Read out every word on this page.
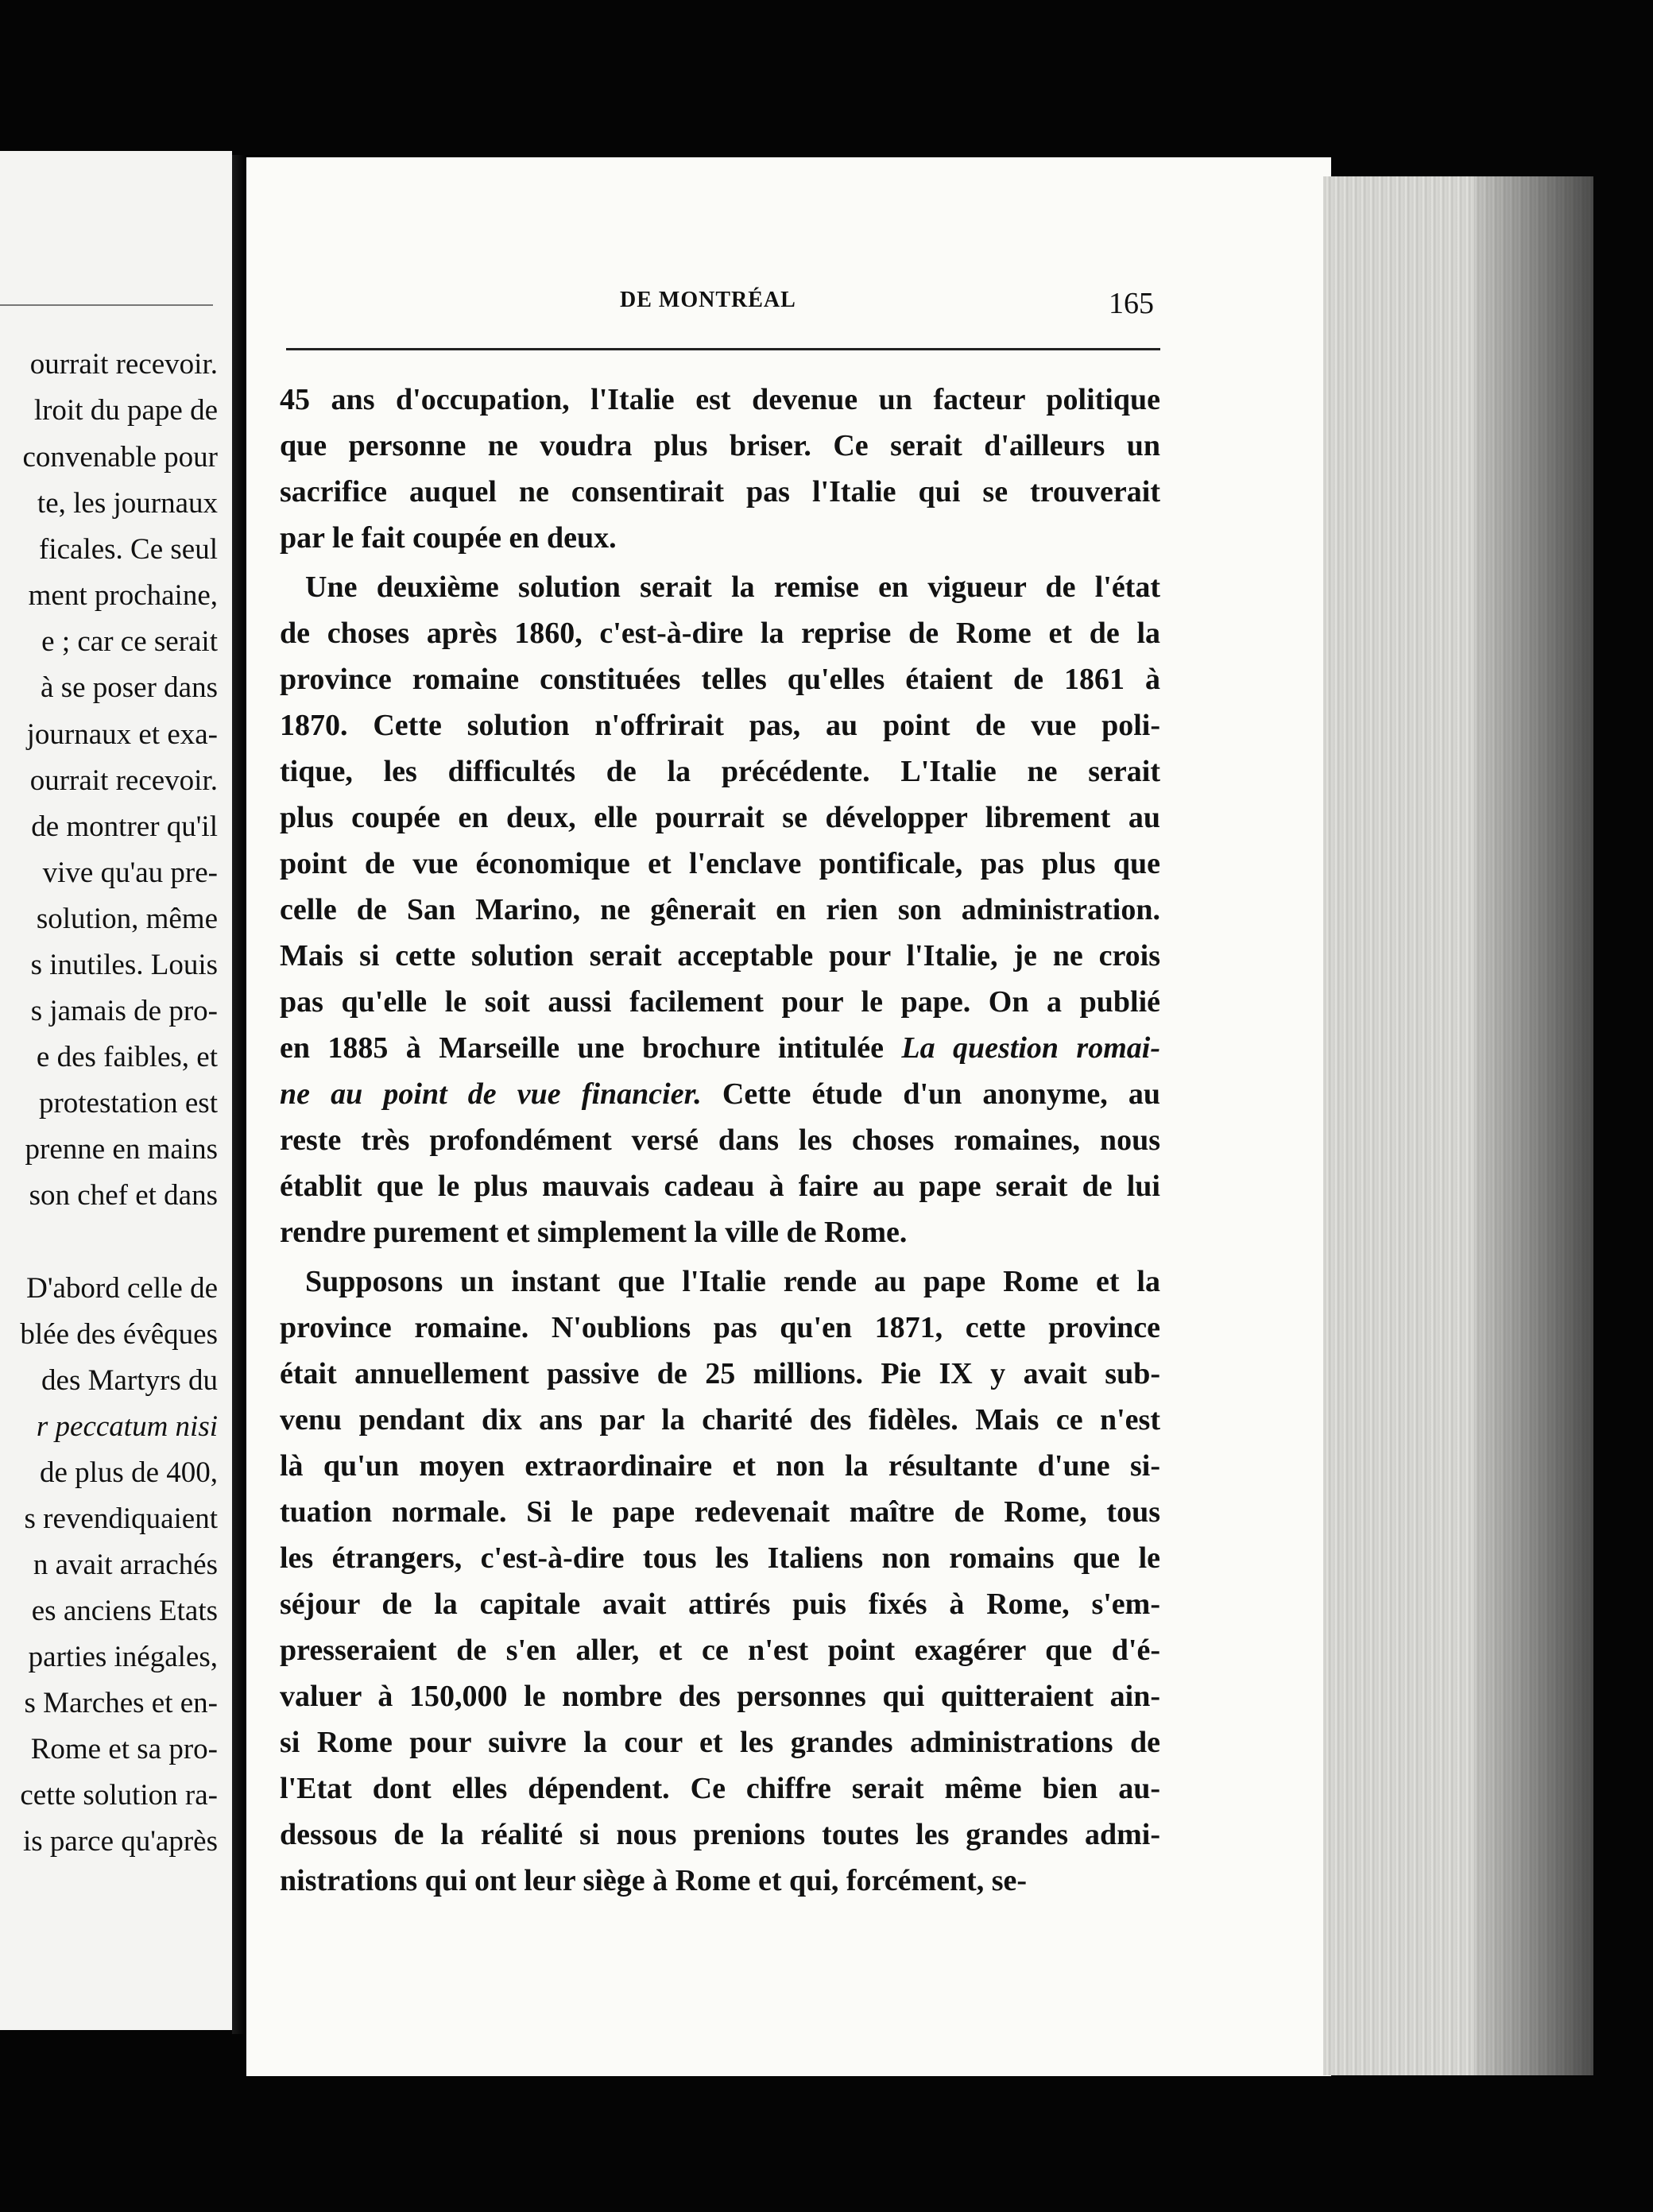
ourrait recevoir.
lroit du pape de
convenable pour
te, les journaux
ficales. Ce seul
ment prochaine,
e ; car ce serait
à se poser dans
journaux et exa-
ourrait recevoir.
de montrer qu'il
vive qu'au pre-
solution, même
s inutiles. Louis
s jamais de pro-
e des faibles, et
protestation est
prenne en mains
son chef et dans
D'abord celle de
blée des évêques
des Martyrs du
r peccatum nisi
de plus de 400,
s revendiquaient
n avait arrachés
es anciens Etats
parties inégales,
s Marches et en-
Rome et sa pro-
cette solution ra-
is parce qu'après
DE MONTRÉAL	165
45 ans d'occupation, l'Italie est devenue un facteur politique
que personne ne voudra plus briser. Ce serait d'ailleurs un
sacrifice auquel ne consentirait pas l'Italie qui se trouverait
par le fait coupée en deux.
Une deuxième solution serait la remise en vigueur de l'état
de choses après 1860, c'est-à-dire la reprise de Rome et de la
province romaine constituées telles qu'elles étaient de 1861 à
1870. Cette solution n'offrirait pas, au point de vue poli-
tique, les difficultés de la précédente. L'Italie ne serait
plus coupée en deux, elle pourrait se développer librement au
point de vue économique et l'enclave pontificale, pas plus que
celle de San Marino, ne gênerait en rien son administration.
Mais si cette solution serait acceptable pour l'Italie, je ne crois
pas qu'elle le soit aussi facilement pour le pape. On a publié
en 1885 à Marseille une brochure intitulée La question romai-
ne au point de vue financier. Cette étude d'un anonyme, au
reste très profondément versé dans les choses romaines, nous
établit que le plus mauvais cadeau à faire au pape serait de lui
rendre purement et simplement la ville de Rome.
Supposons un instant que l'Italie rende au pape Rome et la
province romaine. N'oublions pas qu'en 1871, cette province
était annuellement passive de 25 millions. Pie IX y avait sub-
venu pendant dix ans par la charité des fidèles. Mais ce n'est
là qu'un moyen extraordinaire et non la résultante d'une si-
tuation normale. Si le pape redevenait maître de Rome, tous
les étrangers, c'est-à-dire tous les Italiens non romains que le
séjour de la capitale avait attirés puis fixés à Rome, s'em-
presseraient de s'en aller, et ce n'est point exagérer que d'é-
valuer à 150,000 le nombre des personnes qui quitteraient ain-
si Rome pour suivre la cour et les grandes administrations de
l'Etat dont elles dépendent. Ce chiffre serait même bien au-
dessous de la réalité si nous prenions toutes les grandes admi-
nistrations qui ont leur siège à Rome et qui, forcément, se-
